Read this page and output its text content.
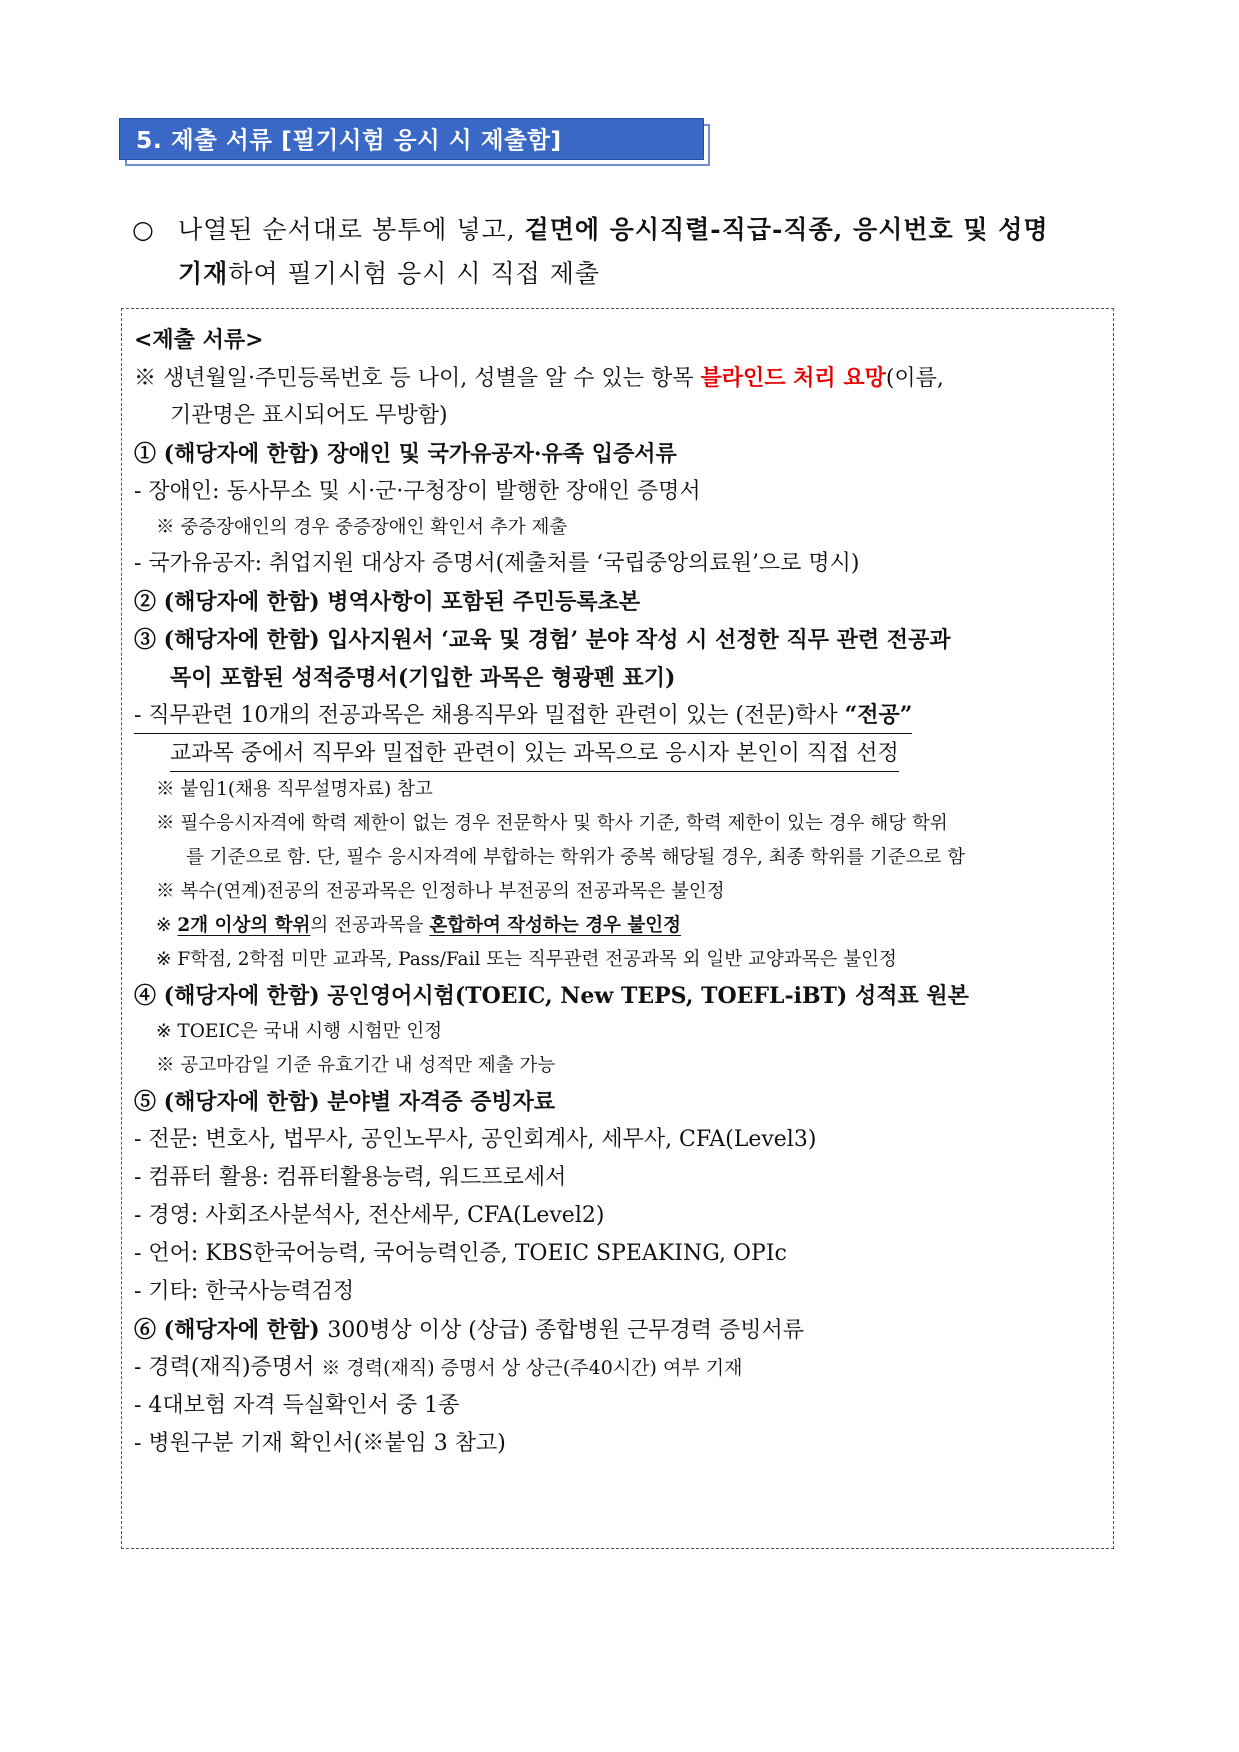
5. 제출 서류 [필기시험 응시 시 제출함]
○ 나열된 순서대로 봉투에 넣고, 겉면에 응시직렬-직급-직종, 응시번호 및 성명
기재하여 필기시험 응시 시 직접 제출
<제출 서류>
※ 생년월일·주민등록번호 등 나이, 성별을 알 수 있는 항목 블라인드 처리 요망(이름,
기관명은 표시되어도 무방함)
① (해당자에 한함) 장애인 및 국가유공자·유족 입증서류
- 장애인: 동사무소 및 시·군·구청장이 발행한 장애인 증명서
※ 중증장애인의 경우 중증장애인 확인서 추가 제출
- 국가유공자: 취업지원 대상자 증명서(제출처를 ‘국립중앙의료원’으로 명시)
② (해당자에 한함) 병역사항이 포함된 주민등록초본
③ (해당자에 한함) 입사지원서 ‘교육 및 경험’ 분야 작성 시 선정한 직무 관련 전공과
목이 포함된 성적증명서(기입한 과목은 형광펜 표기)
- 직무관련 10개의 전공과목은 채용직무와 밀접한 관련이 있는 (전문)학사 “전공”
교과목 중에서 직무와 밀접한 관련이 있는 과목으로 응시자 본인이 직접 선정
※ 붙임1(채용 직무설명자료) 참고
※ 필수응시자격에 학력 제한이 없는 경우 전문학사 및 학사 기준, 학력 제한이 있는 경우 해당 학위
를 기준으로 함. 단, 필수 응시자격에 부합하는 학위가 중복 해당될 경우, 최종 학위를 기준으로 함
※ 복수(연계)전공의 전공과목은 인정하나 부전공의 전공과목은 불인정
※ 2개 이상의 학위의 전공과목을 혼합하여 작성하는 경우 불인정
※ F학점, 2학점 미만 교과목, Pass/Fail 또는 직무관련 전공과목 외 일반 교양과목은 불인정
④ (해당자에 한함) 공인영어시험(TOEIC, New TEPS, TOEFL-iBT) 성적표 원본
※ TOEIC은 국내 시행 시험만 인정
※ 공고마감일 기준 유효기간 내 성적만 제출 가능
⑤ (해당자에 한함) 분야별 자격증 증빙자료
- 전문: 변호사, 법무사, 공인노무사, 공인회계사, 세무사, CFA(Level3)
- 컴퓨터 활용: 컴퓨터활용능력, 워드프로세서
- 경영: 사회조사분석사, 전산세무, CFA(Level2)
- 언어: KBS한국어능력, 국어능력인증, TOEIC SPEAKING, OPIc
- 기타: 한국사능력검정
⑥ (해당자에 한함) 300병상 이상 (상급) 종합병원 근무경력 증빙서류
- 경력(재직)증명서 ※ 경력(재직) 증명서 상 상근(주40시간) 여부 기재
- 4대보험 자격 득실확인서 중 1종
- 병원구분 기재 확인서(※붙임 3 참고)
